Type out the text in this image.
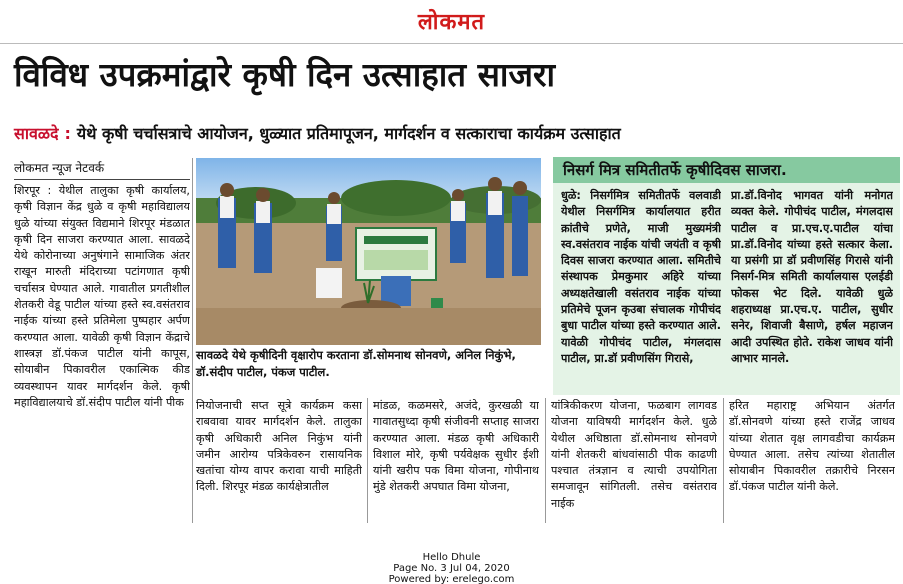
लोकमत
विविध उपक्रमांद्वारे कृषी दिन उत्साहात साजरा
सावळदे : येथे कृषी चर्चासत्राचे आयोजन, धुळ्यात प्रतिमापूजन, मार्गदर्शन व सत्काराचा कार्यक्रम उत्साहात
लोकमत न्यूज नेटवर्क
शिरपूर : येथील तालुका कृषी कार्यालय, कृषी विज्ञान केंद्र धुळे व कृषी महाविद्यालय धुळे यांच्या संयुक्त विद्यमाने शिरपूर मंडळात कृषी दिन साजरा करण्यात आला. सावळदे येथे कोरोनाच्या अनुषंगाने सामाजिक अंतर राखून मारुती मंदिराच्या पटांगणात कृषी चर्चासत्र घेण्यात आले. गावातील प्रगतीशील शेतकरी वेडू पाटील यांच्या हस्ते स्व.वसंतराव नाईक यांच्या हस्ते प्रतिमेला पुष्पहार अर्पण करण्यात आला. यावेळी कृषी विज्ञान केंद्राचे शास्त्रज्ञ डॉ.पंकज पाटील यांनी कापूस, सोयाबीन पिकावरील एकात्मिक कीड व्यवस्थापन यावर मार्गदर्शन केले. कृषी महाविद्यालयाचे डॉ.संदीप पाटील यांनी पीक
सावळदे येथे कृषीदिनी वृक्षारोप करताना डॉ.सोमनाथ सोनवणे, अनिल निकुंभे, डॉ.संदीप पाटील, पंकज पाटील.
निसर्ग मित्र समितीतर्फे कृषीदिवस साजरा.
धुळे: निसर्गमित्र समितीतर्फे वलवाडी येथील निसर्गमित्र कार्यालयात हरीत क्रांतीचे प्रणेते, माजी मुख्यमंत्री स्व.वसंतराव नाईक यांची जयंती व कृषी दिवस साजरा करण्यात आला. समितीचे संस्थापक प्रेमकुमार अहिरे यांच्या अध्यक्षतेखाली वसंतराव नाईक यांच्या प्रतिमेचे पूजन कृउबा संचालक गोपीचंद बुधा पाटील यांच्या हस्ते करण्यात आले. यावेळी गोपीचंद पाटील, मंगलदास पाटील, प्रा.डॉ प्रवीणसिंग गिरासे,
प्रा.डॉ.विनोद भागवत यांनी मनोगत व्यक्त केले. गोपीचंद पाटील, मंगलदास पाटील व प्रा.एच.ए.पाटील यांचा प्रा.डॉ.विनोद यांच्या हस्ते सत्कार केला. या प्रसंगी प्रा डॉ प्रवीणसिंह गिरासे यांनी निसर्ग-मित्र समिती कार्यालयास एलईडी फोकस भेट दिले. यावेळी धुळे शहराध्यक्ष प्रा.एच.ए. पाटील, सुधीर सनेर, शिवाजी बैसाणे, हर्षल महाजन आदी उपस्थित होते. राकेश जाधव यांनी आभार मानले.
नियोजनाची सप्त सूत्रे कार्यक्रम कसा राबवावा यावर मार्गदर्शन केले. तालुका कृषी अधिकारी अनिल निकुंभ यांनी जमीन आरोग्य पत्रिकेवरुन रासायनिक खतांचा योग्य वापर करावा याची माहिती दिली. शिरपूर मंडळ कार्यक्षेत्रातील
मांडळ, कळमसरे, अजंदे, कुरखळी या गावातसुध्दा कृषी संजीवनी सप्ताह साजरा करण्यात आला. मंडळ कृषी अधिकारी विशाल मोरे, कृषी पर्यवेक्षक सुधीर ईशी यांनी खरीप पक विमा योजना, गोपीनाथ मुंडे शेतकरी अपघात विमा योजना,
यांत्रिकीकरण योजना, फळबाग लागवड योजना याविषयी मार्गदर्शन केले. धुळे येथील अधिष्ठाता डॉ.सोमनाथ सोनवणे यांनी शेतकरी बांधवांसाठी पीक काढणी पश्चात तंत्रज्ञान व त्याची उपयोगिता समजावून सांगितली. तसेच वसंतराव नाईक
हरित महाराष्ट्र अभियान अंतर्गत डॉ.सोनवणे यांच्या हस्ते राजेंद्र जाधव यांच्या शेतात वृक्ष लागवडीचा कार्यक्रम घेण्यात आला. तसेच त्यांच्या शेतातील सोयाबीन पिकावरील तक्रारीचे निरसन डॉ.पंकज पाटील यांनी केले.
Hello Dhule
Page No. 3 Jul 04, 2020
Powered by: erelego.com
